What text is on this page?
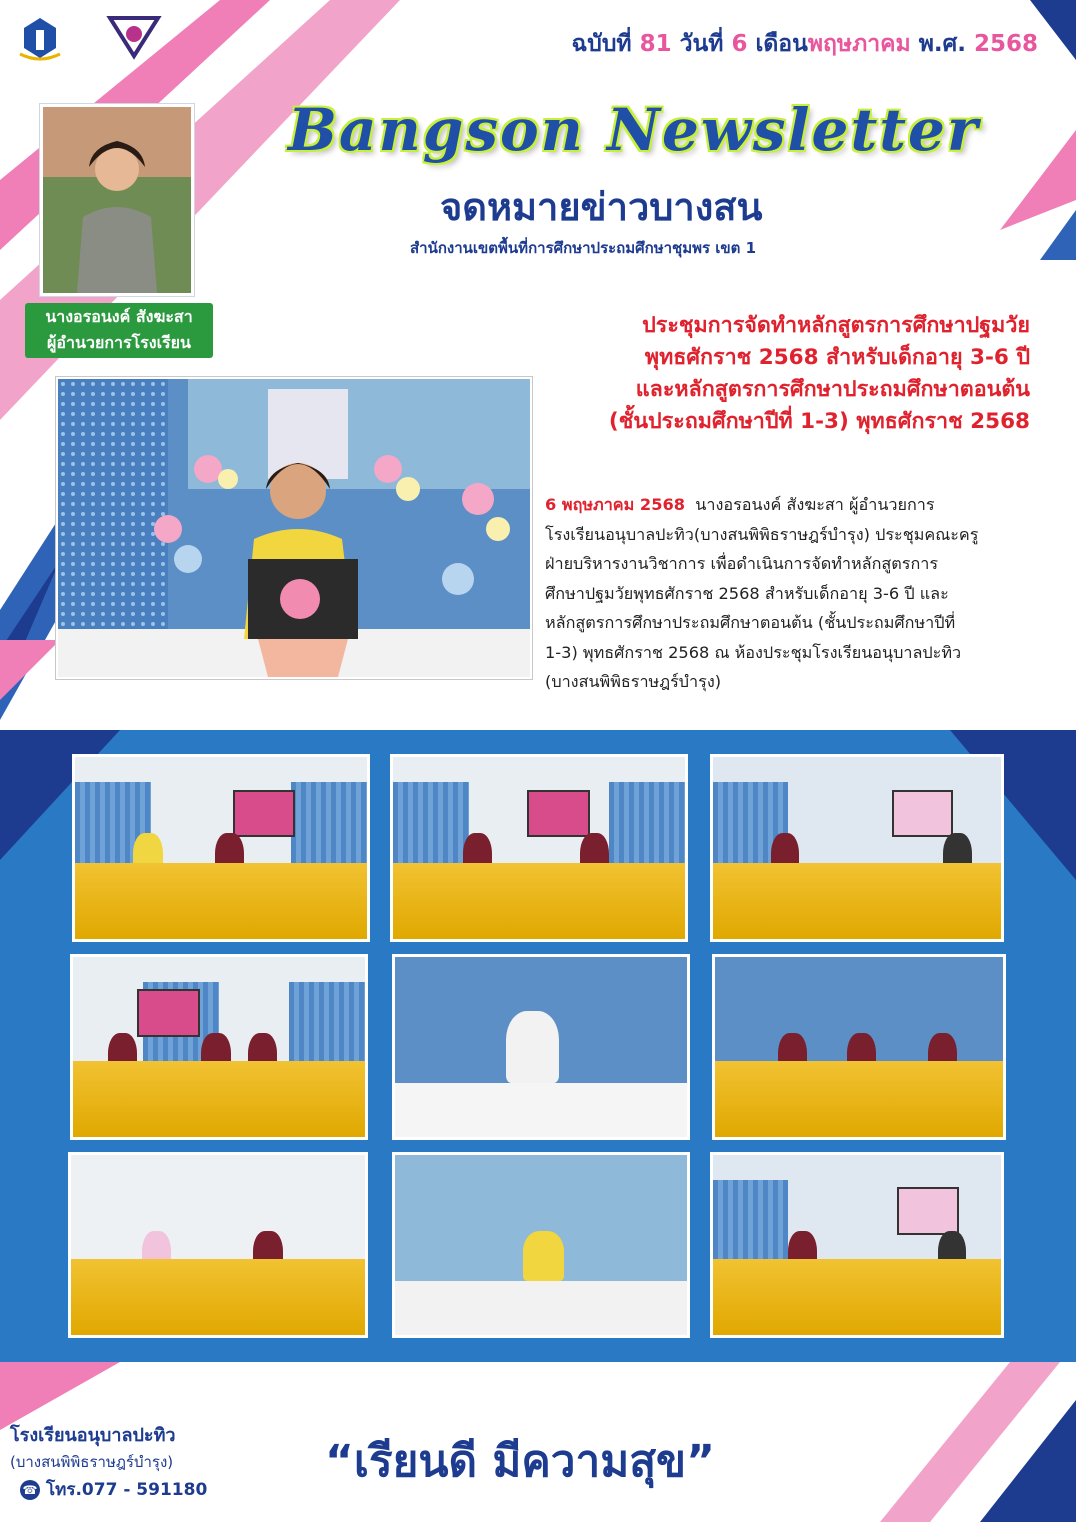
ฉบับที่ 81 วันที่ 6 เดือนพฤษภาคม พ.ศ. 2568
Bangson Newsletter
จดหมายข่าวบางสน
สำนักงานเขตพื้นที่การศึกษาประถมศึกษาชุมพร เขต 1
นางอรอนงค์ สังฆะสา
ผู้อำนวยการโรงเรียน
ประชุมการจัดทำหลักสูตรการศึกษาปฐมวัย
พุทธศักราช 2568 สำหรับเด็กอายุ 3-6 ปี
และหลักสูตรการศึกษาประถมศึกษาตอนต้น
(ชั้นประถมศึกษาปีที่ 1-3) พุทธศักราช 2568
6 พฤษภาคม 2568 นางอรอนงค์ สังฆะสา ผู้อำนวยการ
โรงเรียนอนุบาลปะทิว(บางสนพิพิธราษฎร์บำรุง) ประชุมคณะครู
ฝ่ายบริหารงานวิชาการ เพื่อดำเนินการจัดทำหลักสูตรการ
ศึกษาปฐมวัยพุทธศักราช 2568 สำหรับเด็กอายุ 3-6 ปี และ
หลักสูตรการศึกษาประถมศึกษาตอนต้น (ชั้นประถมศึกษาปีที่
1-3) พุทธศักราช 2568 ณ ห้องประชุมโรงเรียนอนุบาลปะทิว
(บางสนพิพิธราษฎร์บำรุง)
โรงเรียนอนุบาลปะทิว
(บางสนพิพิธราษฎร์บำรุง)
☎ โทร.077 - 591180
“เรียนดี มีความสุข”
